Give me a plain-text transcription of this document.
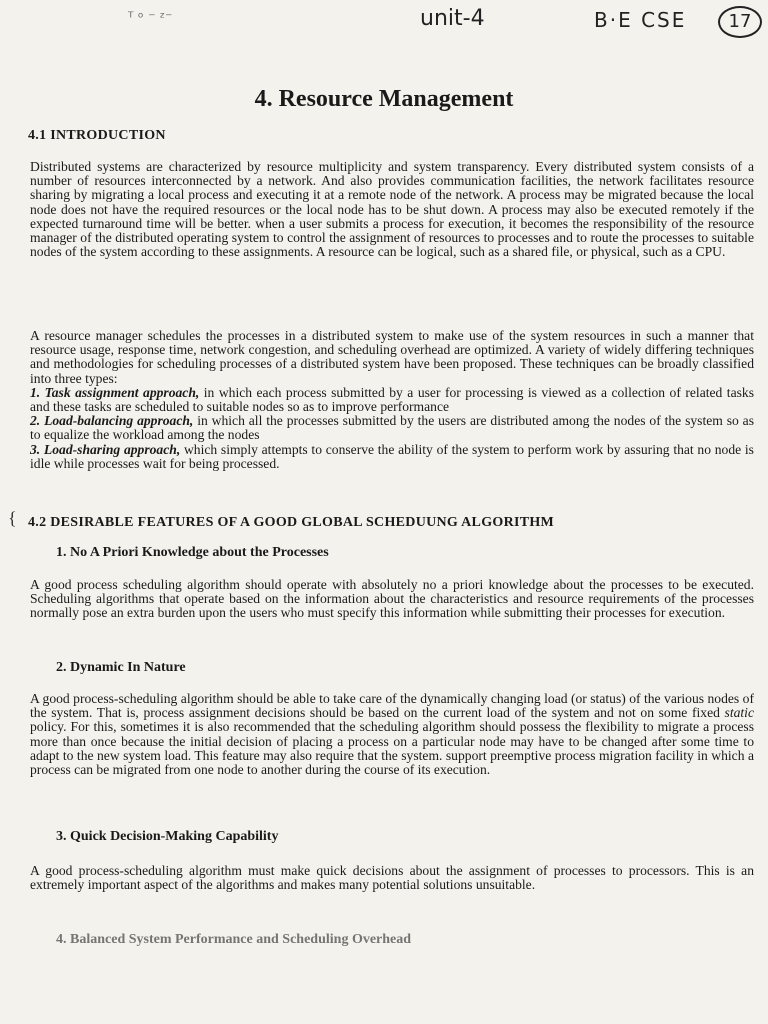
ᵀ ᵒ ⁻ ᶻ⁻	unit-4	B·E CSE	17
4. Resource Management
4.1 INTRODUCTION
Distributed systems are characterized by resource multiplicity and system transparency. Every distributed system consists of a number of resources interconnected by a network. And also provides communication facilities, the network facilitates resource sharing by migrating a local process and executing it at a remote node of the network. A process may be migrated because the local node does not have the required resources or the local node has to be shut down. A process may also be executed remotely if the expected turnaround time will be better. when a user submits a process for execution, it becomes the responsibility of the resource manager of the distributed operating system to control the assignment of resources to processes and to route the processes to suitable nodes of the system according to these assignments. A resource can be logical, such as a shared file, or physical, such as a CPU.
A resource manager schedules the processes in a distributed system to make use of the system resources in such a manner that resource usage, response time, network congestion, and scheduling overhead are optimized. A variety of widely differing techniques and methodologies for scheduling processes of a distributed system have been proposed. These techniques can be broadly classified into three types:
1. Task assignment approach, in which each process submitted by a user for processing is viewed as a collection of related tasks and these tasks are scheduled to suitable nodes so as to improve performance
2. Load-balancing approach, in which all the processes submitted by the users are distributed among the nodes of the system so as to equalize the workload among the nodes
3. Load-sharing approach, which simply attempts to conserve the ability of the system to perform work by assuring that no node is idle while processes wait for being processed.
{ 4.2 DESIRABLE FEATURES OF A GOOD GLOBAL SCHEDUUNG ALGORITHM
1. No A Priori Knowledge about the Processes
A good process scheduling algorithm should operate with absolutely no a priori knowledge about the processes to be executed. Scheduling algorithms that operate based on the information about the characteristics and resource requirements of the processes normally pose an extra burden upon the users who must specify this information while submitting their processes for execution.
2. Dynamic In Nature
A good process-scheduling algorithm should be able to take care of the dynamically changing load (or status) of the various nodes of the system. That is, process assignment decisions should be based on the current load of the system and not on some fixed static policy. For this, sometimes it is also recommended that the scheduling algorithm should possess the flexibility to migrate a process more than once because the initial decision of placing a process on a particular node may have to be changed after some time to adapt to the new system load. This feature may also require that the system. support preemptive process migration facility in which a process can be migrated from one node to another during the course of its execution.
3. Quick Decision-Making Capability
A good process-scheduling algorithm must make quick decisions about the assignment of processes to processors. This is an extremely important aspect of the algorithms and makes many potential solutions unsuitable.
4. Balanced System Performance and Scheduling Overhead
